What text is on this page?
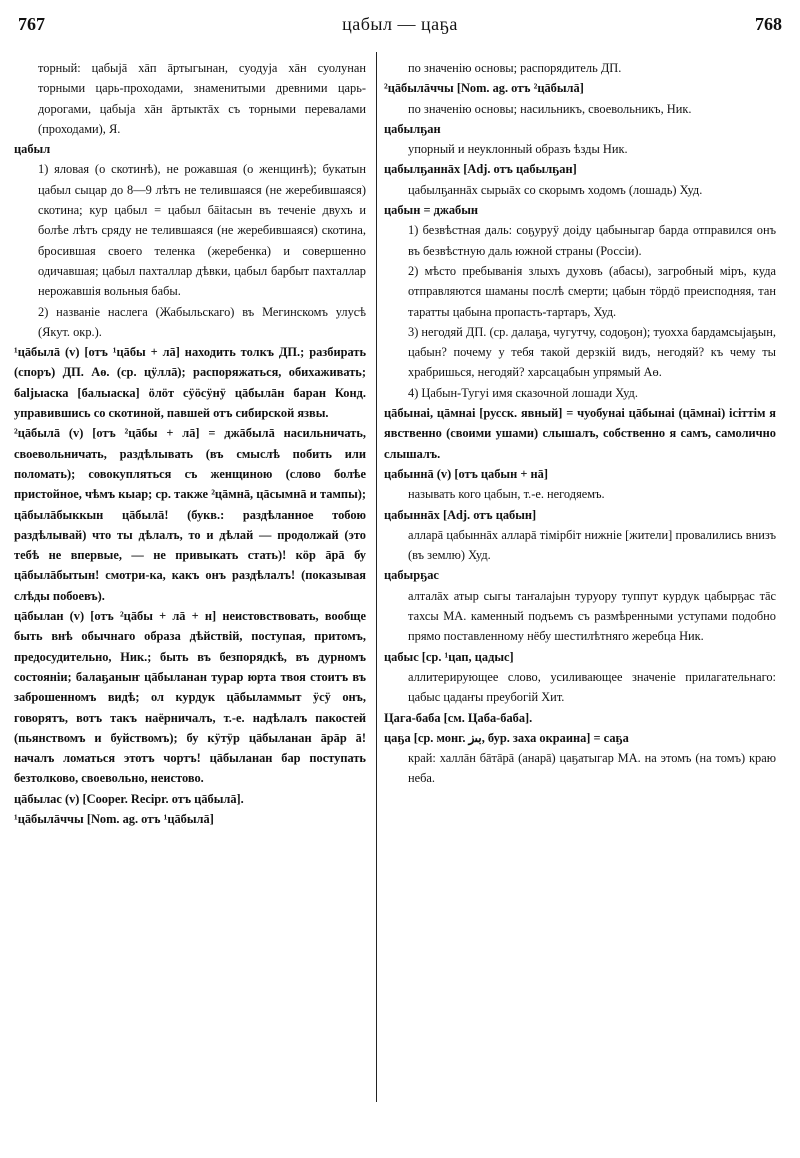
767	цабыл — цаҕа	768

торный: цабыјā хāп āртыгынан, суодуја хāн суолунан торными царь-проходами, знаменитыми древними царь-дорогами, цабыја хāн āртыктāх съ торными перевалами (проходами), Я.

цабыл

1) яловая (о скотинѣ), не рожавшая (о женщинѣ); букатын цабыл сыцар до 8—9 лѣтъ не телившаяся (не жеребившаяся) скотина; кур цабыл = цабыл бāitасын въ теченіе двухъ и болѣе лѣтъ сряду не телившаяся (не жеребившаяся) скотина, бросившая своего теленка (жеребенка) и совершенно одичавшая; цабыл пахталлар дѣвки, цабыл барбыт пахталлар нерожавшія вольныя бабы.

2) названіе наслега (Жабыльскаго) въ Мегинскомъ улусѣ (Якут. окр.).

¹цāбылā (v) [отъ ¹цāбы + лā] находить толкъ ДП.; разбирать (споръ) ДП. Аө. (ср. цÿллā); распоряжаться, обихаживать; баljыаска [балыаска] öлöт сÿöсÿнÿ цāбылāн баран Конд. управившись со скотиной, павшей отъ сибирской язвы.

²цāбылā (v) [отъ ²цāбы + лā] = джāбылā насильничать, своевольничать, раздѣлывать (въ смыслѣ побить или поломать); совокупляться съ женщиною (слово болѣе пристойное, чѣмъ кыар; ср. также ²цāмнā, цāсымнā и тампы); цāбылāбыккын цāбылā! (букв.: раздѣланное тобою раздѣлывай) что ты дѣлалъ, то и дѣлай — продолжай (это тебѣ не впервые, — не привыкать стать)! кöр āрā бу цāбылāбытын! смотри-ка, какъ онъ раздѣлалъ! (показывая слѣды побоевъ).

цāбылан (v) [отъ ²цāбы + лā + н] неистовствовать, вообще быть внѣ обычнаго образа дѣйствій, поступая, притомъ, предосудительно, Ник.; быть въ безпорядкѣ, въ дурномъ состояніи; балаҕаныҥ цāбыланан турар юрта твоя стоитъ въ заброшенномъ видѣ; ол курдук цāбыламмыт ӱсӱ онъ, говорятъ, вотъ такъ наёрничалъ, т.-е. надѣлалъ пакостей (пьянствомъ и буйствомъ); бу кӱтӱр цāбыланан āрāр ā! началъ ломаться этотъ чортъ! цāбыланан бар поступать безтолково, своевольно, неистово.

цāбылас (v) [Cooper. Recipr. отъ цāбылā].

¹цāбылāччы [Nom. ag. отъ ¹цāбылā]

по значенію основы; распорядитель ДП.

²цāбылāччы [Nom. ag. отъ ²цāбылā]

по значенію основы; насильникъ, своевольникъ, Ник.

цабылҕан

упорный и неуклонный образъ ѣзды Ник.

цабылҕаннāх [Adj. отъ цабылҕан]

цабылҕаннāх сырыāх со скорымъ ходомъ (лошадь) Худ.

цабын = джабын

1) безвѣстная даль: соҕуруӱ доіду цабыныгар барда отправился онъ въ безвѣстную даль южной страны (Россіи).

2) мѣсто пребыванія злыхъ духовъ (абасы), загробный міръ, куда отправляются шаманы послѣ смерти; цабын тöрдö преисподняя, тан таратты цабына пропасть-тартаръ, Худ.

3) негодяй ДП. (ср. далаҕа, чугутчу, содоҕон); туохха бардамсыјаҕын, цабын? почему у тебя такой дерзкій видъ, негодяй? къ чему ты храбришься, негодяй? харсацабын упрямый Аө.

4) Цабын-Тугуі имя сказочной лошади Худ.

цāбынаі, цāмнаі [русск. явный] = чуобунаі цāбынаі (цāмнаі) ісіттім я явственно (своими ушами) слышалъ, собственно я самъ, самолично слышалъ.

цабыннā (v) [отъ цабын + нā]

называть кого цабын, т.-е. негодяемъ.

цабыннāх [Adj. отъ цабын]

алларā цабыннāх алларā тімірбіт нижніе [жители] провалились внизъ (въ землю) Худ.

цабырҕас

алталāх атыр сыгы таҥалајын туруору туппут курдук цабырҕас тāс тахсы МА. каменный подъемъ съ размѣренными уступами подобно прямо поставленному нёбу шестилѣтняго жеребца Ник.

цабыс [ср. ¹цап, цадыс]

аллитерирующее слово, усиливающее значеніе прилагательнаго: цабыс цадаҥы преубогій Хит.

Цага-баба [см. Цаба-баба].

цаҕа [ср. монг. ﺑﯩﺯ, бур. заха окраина] = саҕа

край: халлāн бāтāрā (анарā) цаҕатыгар МА. на этомъ (на томъ) краю неба.
